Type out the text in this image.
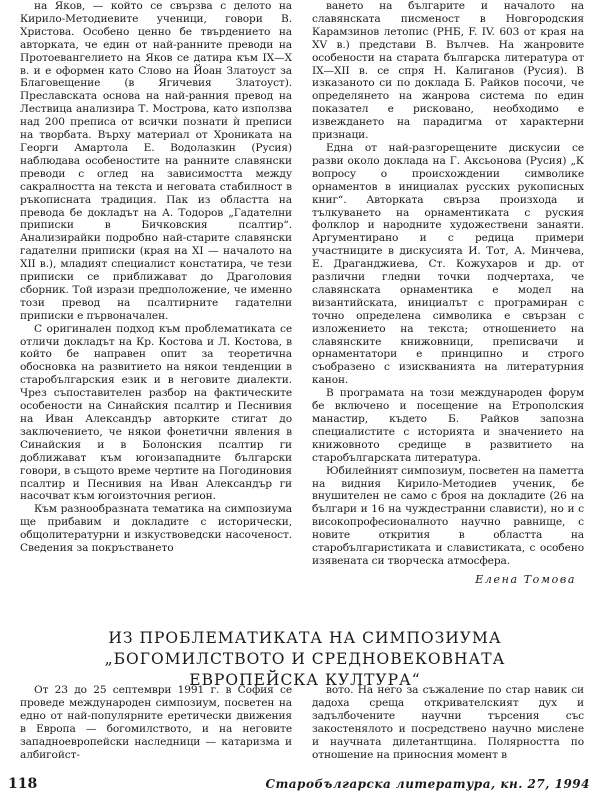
на Яков, — който се свързва с делото на Кирило-Методиевите ученици, говори В. Христова. Особено ценно бе твърдението на авторката, че един от най-ранните преводи на Протоевангелието на Яков се датира към IX—X в. и е оформен като Слово на Йоан Златоуст за Благовещение (в Ягичевия Златоуст). Преславската основа на най-ранния превод на Лествица анализира Т. Мострова, като използва над 200 преписа от всички познати ѝ преписи на творбата. Върху материал от Хрониката на Георги Амартола Е. Водолазкин (Русия) наблюдава особеностите на ранните славянски преводи с оглед на зависимостта между сакралността на текста и неговата стабилност в ръкописната традиция. Пак из областта на преводa бе докладът на А. Тодоров „Гадателни приписки в Бичковския псалтир“. Анализирайки подробно най-старите славянски гадателни приписки (края на XI — началото на XII в.), младият специалист констатира, че тези приписки се приближават до Драголовия сборник. Той изрази предположение, че именно този превод на псалтирните гадателни приписки е първоначален.

С оригинален подход към проблематиката се отличи докладът на Кр. Костова и Л. Костова, в който бе направен опит за теоретична обосновка на развитието на някои тенденции в старобългарския език и в неговите диалекти. Чрез съпоставителен разбор на фактическите особености на Синайския псалтир и Песнивия на Иван Александър авторките стигат до заключението, че някои фонетични явления в Синайския и в Болонския псалтир ги доближават към югоизападните български говори, в същото време чертите на Погодиновия псалтир и Песнивия на Иван Александър ги насочват към югоизточния регион.

Към разнообразната тематика на симпозиума ще прибавим и докладите с исторически, общолитературни и изкуствоведски насоченост. Сведения за покръстването

ването на българите и началото на славянската писменост в Новгородския Карамзинов летопис (РНБ, F. IV. 603 от края на XV в.) представи В. Вълчев. На жанровите особености на старата българска литература от IX—XII в. се спря Н. Калиганов (Русия). В изказаното си по доклада Б. Райков посочи, че определянето на жанрова система по един показател е рисковано, необходимо е извеждането на парадигма от характерни признаци.

Една от най-разгорещените дискусии се разви около доклада на Г. Аксьонова (Русия) „К вопросу о происхождении символике орнаментов в инициалах русских рукописных книг“. Авторката свърза произхода и тълкуването на орнаментиката с руския фолклор и народните художествени занаяти. Аргументирано и с редица примери участниците в дискусията И. Тот, А. Минчева, Е. Драганджиева, Ст. Кожухаров и др. от различни гледни точки подчертаха, че славянската орнаментика е модел на византийската, инициалът с програмиран с точно определена символика е свързан с изложението на текста; отношението на славянските книжовници, преписвачи и орнаментатори е принципно и строго съобразено с изискванията на литературния канон.

В програмата на този международен форум бе включено и посещение на Етрополския манастир, където Б. Райков запозна специалистите с историята и значението на книжовното средище в развитието на старобългарската литература.

Юбилейният симпозиум, посветен на паметта на видния Кирило-Методиев ученик, бе внушителен не само с броя на докладите (26 на българи и 16 на чуждестранни слависти), но и с високопрофесионалното научно равнище, с новите открития в областта на старобългаристиката и славистиката, с особено изявената си творческа атмосфера.

Елена Томова
ИЗ ПРОБЛЕМАТИКАТА НА СИМПОЗИУМА „БОГОМИЛСТВОТО И СРЕДНОВЕКОВНАТА ЕВРОПЕЙСКА КУЛТУРА“

От 23 до 25 септември 1991 г. в София се проведе международен симпозиум, посветен на едно от най-популярните еретически движения в Европа — богомилството, и на неговите западноевропейски наследници — катаризма и албигойст-

вото. На него за съжаление по стар навик си дадоха среща откривателският дух и задълбочените научни търсения със закостенялото и посредствено научно мислене и научната дилетантщина. Полярността по отношение на приносния момент в

118	Старобългарска литература, кн. 27, 1994
